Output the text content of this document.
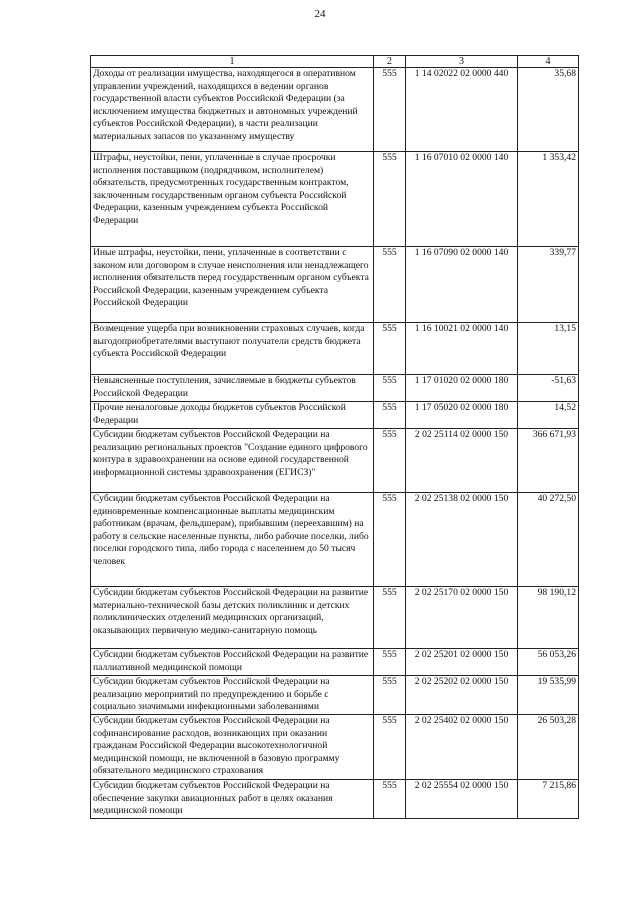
24
1	2	3	4
Доходы от реализации имущества, находящегося в оперативном управлении учреждений, находящихся в ведении органов государственной власти субъектов Российской Федерации (за исключением имущества бюджетных и автономных учреждений субъектов Российской Федерации), в части реализации материальных запасов по указанному имуществу	555	1 14 02022 02 0000 440	35,68
Штрафы, неустойки, пени, уплаченные в случае просрочки исполнения поставщиком (подрядчиком, исполнителем) обязательств, предусмотренных государственным контрактом, заключенным государственным органом субъекта Российской Федерации, казенным учреждением субъекта Российской Федерации	555	1 16 07010 02 0000 140	1 353,42
Иные штрафы, неустойки, пени, уплаченные в соответствии с законом или договором в случае неисполнения или ненадлежащего исполнения обязательств перед государственным органом субъекта Российской Федерации, казенным учреждением субъекта Российской Федерации	555	1 16 07090 02 0000 140	339,77
Возмещение ущерба при возникновении страховых случаев, когда выгодоприобретателями выступают получатели средств бюджета субъекта Российской Федерации	555	1 16 10021 02 0000 140	13,15
Невыясненные поступления, зачисляемые в бюджеты субъектов Российской Федерации	555	1 17 01020 02 0000 180	-51,63
Прочие неналоговые доходы бюджетов субъектов Российской Федерации	555	1 17 05020 02 0000 180	14,52
Субсидии бюджетам субъектов Российской Федерации на реализацию региональных проектов "Создание единого цифрового контура в здравоохранении на основе единой государственной информационной системы здравоохранения (ЕГИСЗ)"	555	2 02 25114 02 0000 150	366 671,93
Субсидии бюджетам субъектов Российской Федерации на единовременные компенсационные выплаты медицинским работникам (врачам, фельдшерам), прибывшим (переехавшим) на работу в сельские населенные пункты, либо рабочие поселки, либо поселки городского типа, либо города с населением до 50 тысяч человек	555	2 02 25138 02 0000 150	40 272,50
Субсидии бюджетам субъектов Российской Федерации на развитие материально-технической базы детских поликлиник и детских поликлинических отделений медицинских организаций, оказывающих первичную медико-санитарную помощь	555	2 02 25170 02 0000 150	98 190,12
Субсидии бюджетам субъектов Российской Федерации на развитие паллиативной медицинской помощи	555	2 02 25201 02 0000 150	56 053,26
Субсидии бюджетам субъектов Российской Федерации на реализацию мероприятий по предупреждению и борьбе с социально значимыми инфекционными заболеваниями	555	2 02 25202 02 0000 150	19 535,99
Субсидии бюджетам субъектов Российской Федерации на софинансирование расходов, возникающих при оказании гражданам Российской Федерации высокотехнологичной медицинской помощи, не включенной в базовую программу обязательного медицинского страхования	555	2 02 25402 02 0000 150	26 503,28
Субсидии бюджетам субъектов Российской Федерации на обеспечение закупки авиационных работ в целях оказания медицинской помощи	555	2 02 25554 02 0000 150	7 215,86
